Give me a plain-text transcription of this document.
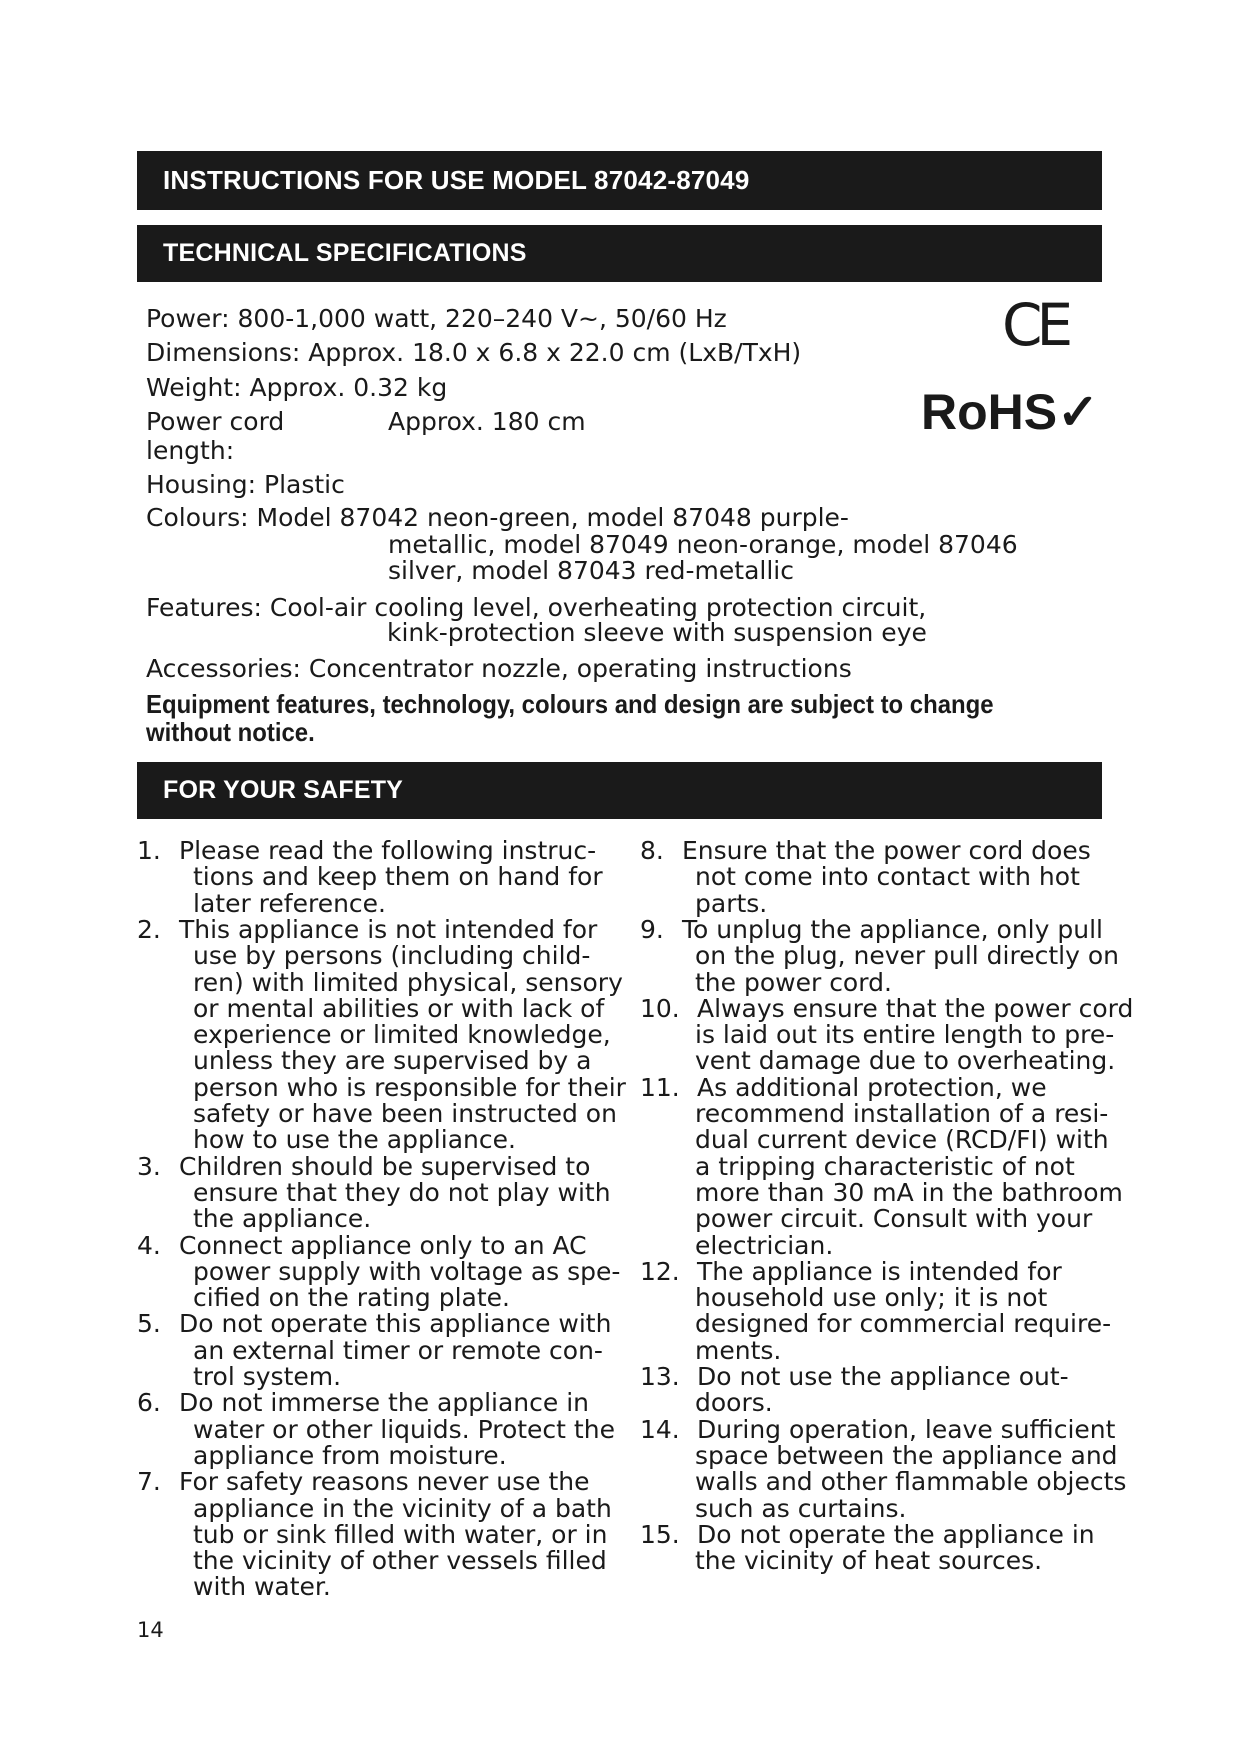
INSTRUCTIONS FOR USE MODEL 87042-87049
TECHNICAL SPECIFICATIONS
CE
RoHS✓
Power: 800-1,000 watt, 220–240 V~, 50/60 Hz
Dimensions: Approx. 18.0 x 6.8 x 22.0 cm (LxB/TxH)
Weight: Approx. 0.32 kg
Power cord	Approx. 180 cm
length:
Housing: Plastic
Colours: Model 87042 neon-green, model 87048 purple-
metallic, model 87049 neon-orange, model 87046
silver, model 87043 red-metallic
Features: Cool-air cooling level, overheating protection circuit,
kink-protection sleeve with suspension eye
Accessories: Concentrator nozzle, operating instructions
Equipment features, technology, colours and design are subject to change
without notice.
FOR YOUR SAFETY
1. Please read the following instruc-
tions and keep them on hand for
later reference.
2. This appliance is not intended for
use by persons (including child-
ren) with limited physical, sensory
or mental abilities or with lack of
experience or limited knowledge,
unless they are supervised by a
person who is responsible for their
safety or have been instructed on
how to use the appliance.
3. Children should be supervised to
ensure that they do not play with
the appliance.
4. Connect appliance only to an AC
power supply with voltage as spe-
cified on the rating plate.
5. Do not operate this appliance with
an external timer or remote con-
trol system.
6. Do not immerse the appliance in
water or other liquids. Protect the
appliance from moisture.
7. For safety reasons never use the
appliance in the vicinity of a bath
tub or sink filled with water, or in
the vicinity of other vessels filled
with water.
8. Ensure that the power cord does
not come into contact with hot
parts.
9. To unplug the appliance, only pull
on the plug, never pull directly on
the power cord.
10. Always ensure that the power cord
is laid out its entire length to pre-
vent damage due to overheating.
11. As additional protection, we
recommend installation of a resi-
dual current device (RCD/FI) with
a tripping characteristic of not
more than 30 mA in the bathroom
power circuit. Consult with your
electrician.
12. The appliance is intended for
household use only; it is not
designed for commercial require-
ments.
13. Do not use the appliance out-
doors.
14. During operation, leave sufficient
space between the appliance and
walls and other flammable objects
such as curtains.
15. Do not operate the appliance in
the vicinity of heat sources.
14
